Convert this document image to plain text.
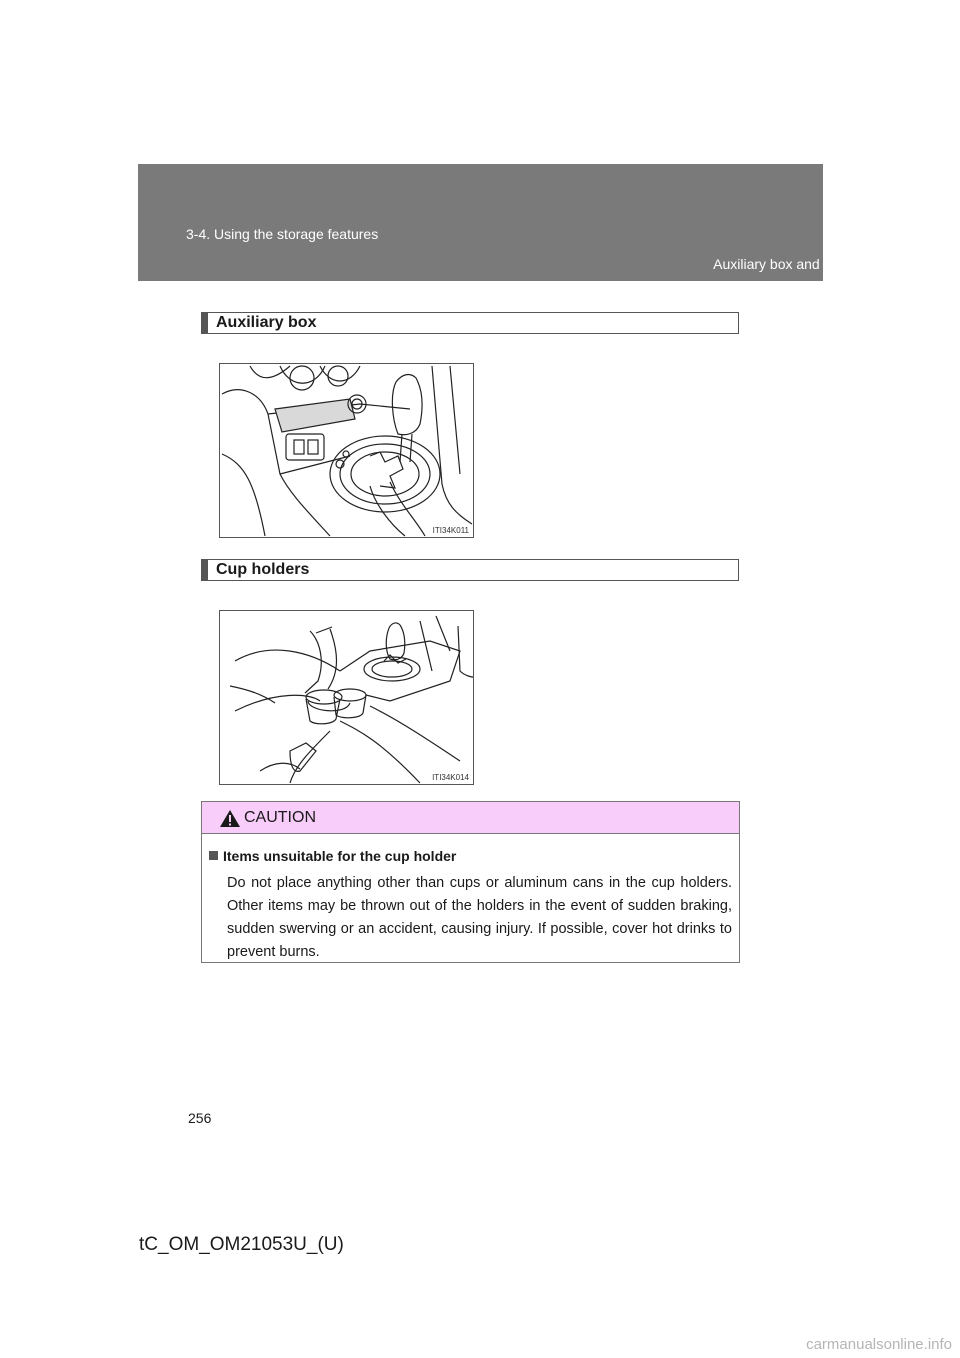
3-4. Using the storage features
Auxiliary box and cup holders
Auxiliary box
ITI34K011
Cup holders
ITI34K014
CAUTION
Items unsuitable for the cup holder
Do not place anything other than cups or aluminum cans in the cup holders. Other items may be thrown out of the holders in the event of sudden braking, sudden swerving or an accident, causing injury. If possible, cover hot drinks to prevent burns.
256
tC_OM_OM21053U_(U)
carmanualsonline.info
